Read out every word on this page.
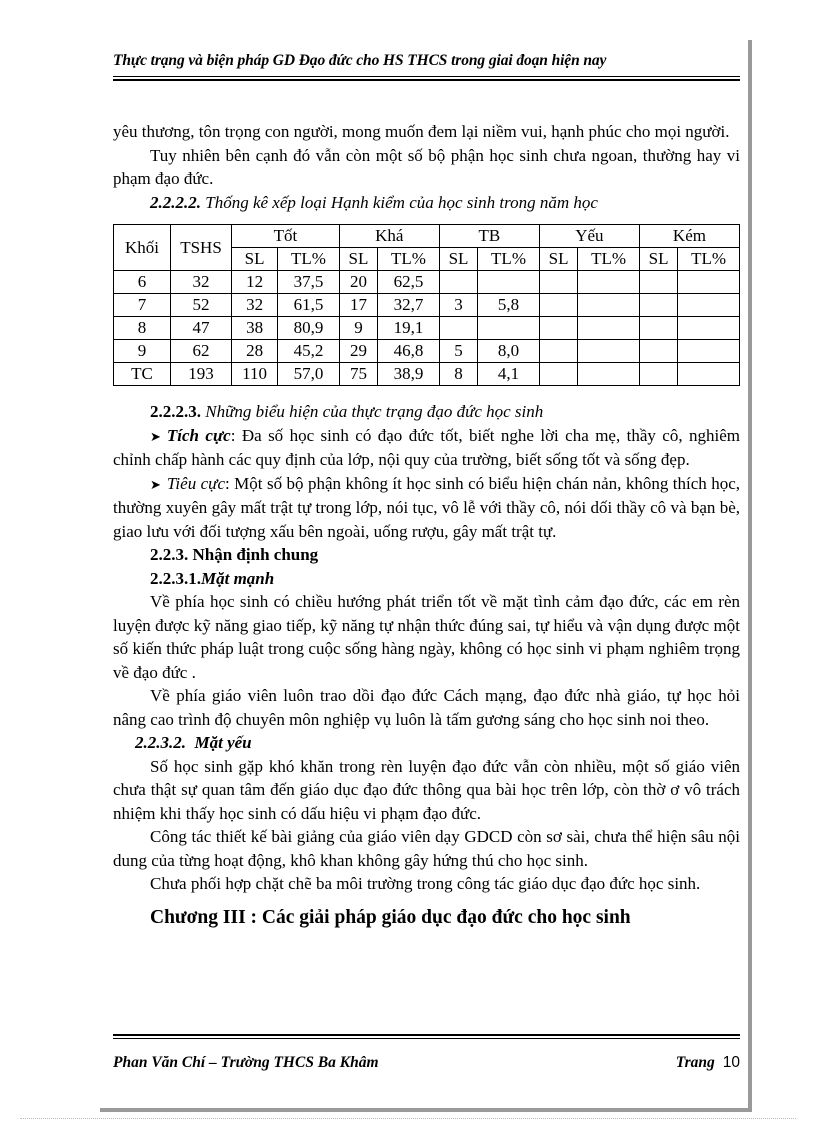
Thực trạng và biện pháp GD Đạo đức cho HS THCS trong giai đoạn hiện nay

yêu thương, tôn trọng con người, mong muốn đem lại niềm vui, hạnh phúc cho mọi người.

Tuy nhiên bên cạnh đó vẫn còn một số bộ phận học sinh chưa ngoan, thường hay vi phạm đạo đức.

2.2.2.2. Thống kê xếp loại Hạnh kiểm của học sinh trong năm học
Khối	TSHS	Tốt		Khá		TB		Yếu		Kém	
		SL	TL%	SL	TL%	SL	TL%	SL	TL%	SL	TL%
6	32	12	37,5	20	62,5						
7	52	32	61,5	17	32,7	3	5,8				
8	47	38	80,9	9	19,1						
9	62	28	45,2	29	46,8	5	8,0				
TC	193	110	57,0	75	38,9	8	4,1				
2.2.2.3. Những biểu hiện của thực trạng đạo đức học sinh

➤ Tích cực: Đa số học sinh có đạo đức tốt, biết nghe lời cha mẹ, thầy cô, nghiêm chỉnh chấp hành các quy định của lớp, nội quy của trường, biết sống tốt và sống đẹp.

➤ Tiêu cực: Một số bộ phận không ít học sinh có biểu hiện chán nản, không thích học, thường xuyên gây mất trật tự trong lớp, nói tục, vô lễ với thầy cô, nói dối thầy cô và bạn bè, giao lưu với đối tượng xấu bên ngoài, uống rượu, gây mất trật tự.

2.2.3. Nhận định chung
2.2.3.1.Mặt mạnh

Về phía học sinh có chiều hướng phát triển tốt về mặt tình cảm đạo đức, các em rèn luyện được kỹ năng giao tiếp, kỹ năng tự nhận thức đúng sai, tự hiểu và vận dụng được một số kiến thức pháp luật trong cuộc sống hàng ngày, không có học sinh vi phạm nghiêm trọng về đạo đức .

Về phía giáo viên luôn trao dồi đạo đức Cách mạng, đạo đức nhà giáo, tự học hỏi nâng cao trình độ chuyên môn nghiệp vụ luôn là tấm gương sáng cho học sinh noi theo.

2.2.3.2. Mặt yếu

Số học sinh gặp khó khăn trong rèn luyện đạo đức vẫn còn nhiều, một số giáo viên chưa thật sự quan tâm đến giáo dục đạo đức thông qua bài học trên lớp, còn thờ ơ vô trách nhiệm khi thấy học sinh có dấu hiệu vi phạm đạo đức.

Công tác thiết kế bài giảng của giáo viên dạy GDCD còn sơ sài, chưa thể hiện sâu nội dung của từng hoạt động, khô khan không gây hứng thú cho học sinh.

Chưa phối hợp chặt chẽ ba môi trường trong công tác giáo dục đạo đức học sinh.

Chương III : Các giải pháp giáo dục đạo đức cho học sinh
Phan Văn Chí – Trường THCS Ba Khâm	Trang 10
